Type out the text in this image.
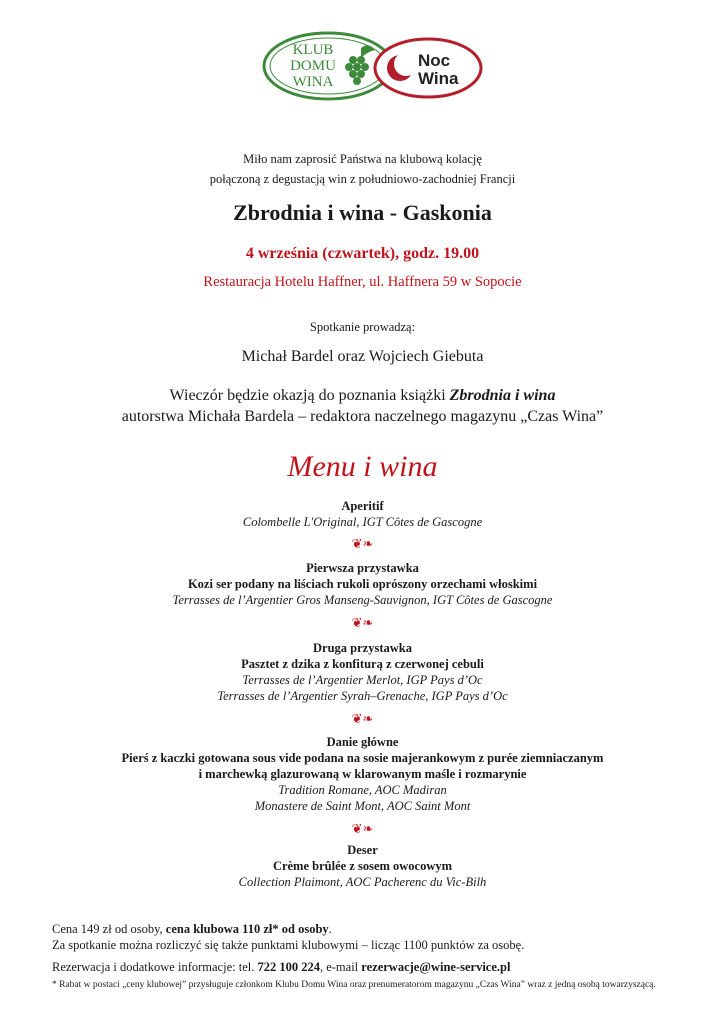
KLUB
DOMU
WINA
Noc
Wina
Miło nam zaprosić Państwa na klubową kolację
połączoną z degustacją win z południowo-zachodniej Francji
Zbrodnia i wina - Gaskonia
4 września (czwartek), godz. 19.00
Restauracja Hotelu Haffner, ul. Haffnera 59 w Sopocie
Spotkanie prowadzą:
Michał Bardel oraz Wojciech Giebuta
Wieczór będzie okazją do poznania książki Zbrodnia i wina
autorstwa Michała Bardela – redaktora naczelnego magazynu „Czas Wina”
Menu i wina
Aperitif
Colombelle L'Original, IGT Côtes de Gascogne
❦❧
Pierwsza przystawka
Kozi ser podany na liściach rukoli oprószony orzechami włoskimi
Terrasses de l’Argentier Gros Manseng-Sauvignon, IGT Côtes de Gascogne
❦❧
Druga przystawka
Pasztet z dzika z konfiturą z czerwonej cebuli
Terrasses de l’Argentier Merlot, IGP Pays d’Oc
Terrasses de l’Argentier Syrah–Grenache, IGP Pays d’Oc
❦❧
Danie główne
Pierś z kaczki gotowana sous vide podana na sosie majerankowym z purée ziemniaczanym
i marchewką glazurowaną w klarowanym maśle i rozmarynie
Tradition Romane, AOC Madiran
Monastere de Saint Mont, AOC Saint Mont
❦❧
Deser
Crème brûlée z sosem owocowym
Collection Plaimont, AOC Pacherenc du Vic-Bilh
Cena 149 zł od osoby, cena klubowa 110 zł* od osoby.
Za spotkanie można rozliczyć się także punktami klubowymi – licząc 1100 punktów za osobę.
Rezerwacja i dodatkowe informacje: tel. 722 100 224, e-mail rezerwacje@wine-service.pl
* Rabat w postaci „ceny klubowej” przysługuje członkom Klubu Domu Wina oraz prenumeratorom magazynu „Czas Wina” wraz z jedną osobą towarzyszącą.
